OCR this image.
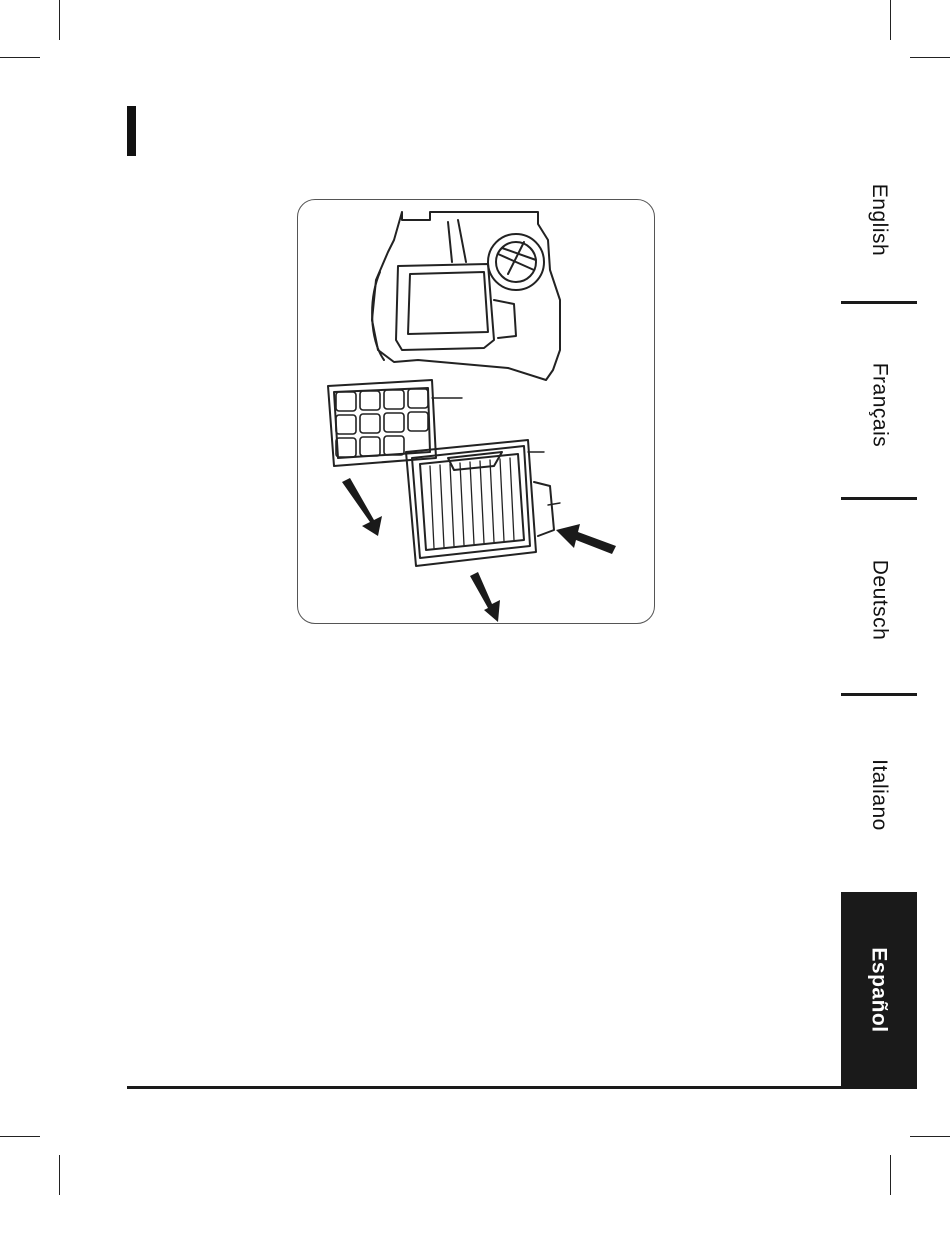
English
Français
Deutsch
Italiano
Español
